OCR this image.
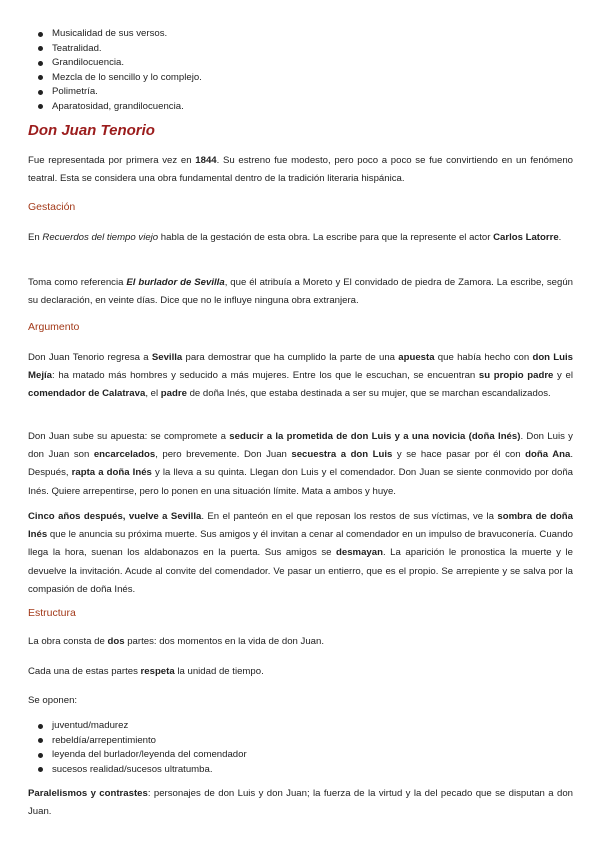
Musicalidad de sus versos.
Teatralidad.
Grandilocuencia.
Mezcla de lo sencillo y lo complejo.
Polimetría.
Aparatosidad, grandilocuencia.
Don Juan Tenorio

Fue representada por primera vez en 1844. Su estreno fue modesto, pero poco a poco se fue convirtiendo en un fenómeno teatral. Esta se considera una obra fundamental dentro de la tradición literaria hispánica.

Gestación

En Recuerdos del tiempo viejo habla de la gestación de esta obra. La escribe para que la represente el actor Carlos Latorre.

Toma como referencia El burlador de Sevilla, que él atribuía a Moreto y El convidado de piedra de Zamora. La escribe, según su declaración, en veinte días. Dice que no le influye ninguna obra extranjera.

Argumento

Don Juan Tenorio regresa a Sevilla para demostrar que ha cumplido la parte de una apuesta que había hecho con don Luis Mejía: ha matado más hombres y seducido a más mujeres. Entre los que le escuchan, se encuentran su propio padre y el comendador de Calatrava, el padre de doña Inés, que estaba destinada a ser su mujer, que se marchan escandalizados.

Don Juan sube su apuesta: se compromete a seducir a la prometida de don Luis y a una novicia (doña Inés). Don Luis y don Juan son encarcelados, pero brevemente. Don Juan secuestra a don Luis y se hace pasar por él con doña Ana. Después, rapta a doña Inés y la lleva a su quinta. Llegan don Luis y el comendador. Don Juan se siente conmovido por doña Inés. Quiere arrepentirse, pero lo ponen en una situación límite. Mata a ambos y huye.

Cinco años después, vuelve a Sevilla. En el panteón en el que reposan los restos de sus víctimas, ve la sombra de doña Inés que le anuncia su próxima muerte. Sus amigos y él invitan a cenar al comendador en un impulso de bravuconería. Cuando llega la hora, suenan los aldabonazos en la puerta. Sus amigos se desmayan. La aparición le pronostica la muerte y le devuelve la invitación. Acude al convite del comendador. Ve pasar un entierro, que es el propio. Se arrepiente y se salva por la compasión de doña Inés.

Estructura

La obra consta de dos partes: dos momentos en la vida de don Juan.

Cada una de estas partes respeta la unidad de tiempo.

Se oponen:

juventud/madurez
rebeldía/arrepentimiento
leyenda del burlador/leyenda del comendador
sucesos realidad/sucesos ultratumba.

Paralelismos y contrastes: personajes de don Luis y don Juan; la fuerza de la virtud y la del pecado que se disputan a don Juan.
